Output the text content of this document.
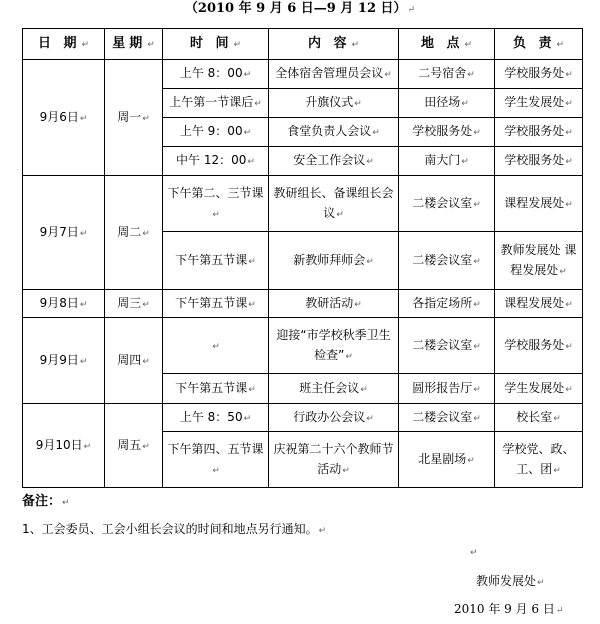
（2010 年 9 月 6 日—9 月 12 日）↵
日 期↵	星期↵	时 间↵	内 容↵	地 点↵	负 责↵
9月6日↵	周一↵	上午 8：00↵	全体宿舍管理员会议↵	二号宿舍↵	学校服务处↵
		上午第一节课后↵	升旗仪式↵	田径场↵	学生发展处↵
		上午 9：00↵	食堂负责人会议↵	学校服务处↵	学校服务处↵
		中午 12：00↵	安全工作会议↵	南大门↵	学校服务处↵
9月7日↵	周二↵	下午第二、三节课↵	教研组长、备课组长会议↵	二楼会议室↵	课程发展处↵
		下午第五节课↵	新教师拜师会↵	二楼会议室↵	教师发展处 课程发展处↵
9月8日↵	周三↵	下午第五节课↵	教研活动↵	各指定场所↵	课程发展处↵
9月9日↵	周四↵	↵	迎接“市学校秋季卫生检查”↵	二楼会议室↵	学校服务处↵
		下午第五节课↵	班主任会议↵	圆形报告厅↵	学生发展处↵
9月10日↵	周五↵	上午 8：50↵	行政办公会议↵	二楼会议室↵	校长室↵
		下午第四、五节课↵	庆祝第二十六个教师节活动↵	北星剧场↵	学校党、政、工、团↵
备注：↵
1、工会委员、工会小组长会议的时间和地点另行通知。↵
↵
教师发展处↵
2010 年 9 月 6 日↵
